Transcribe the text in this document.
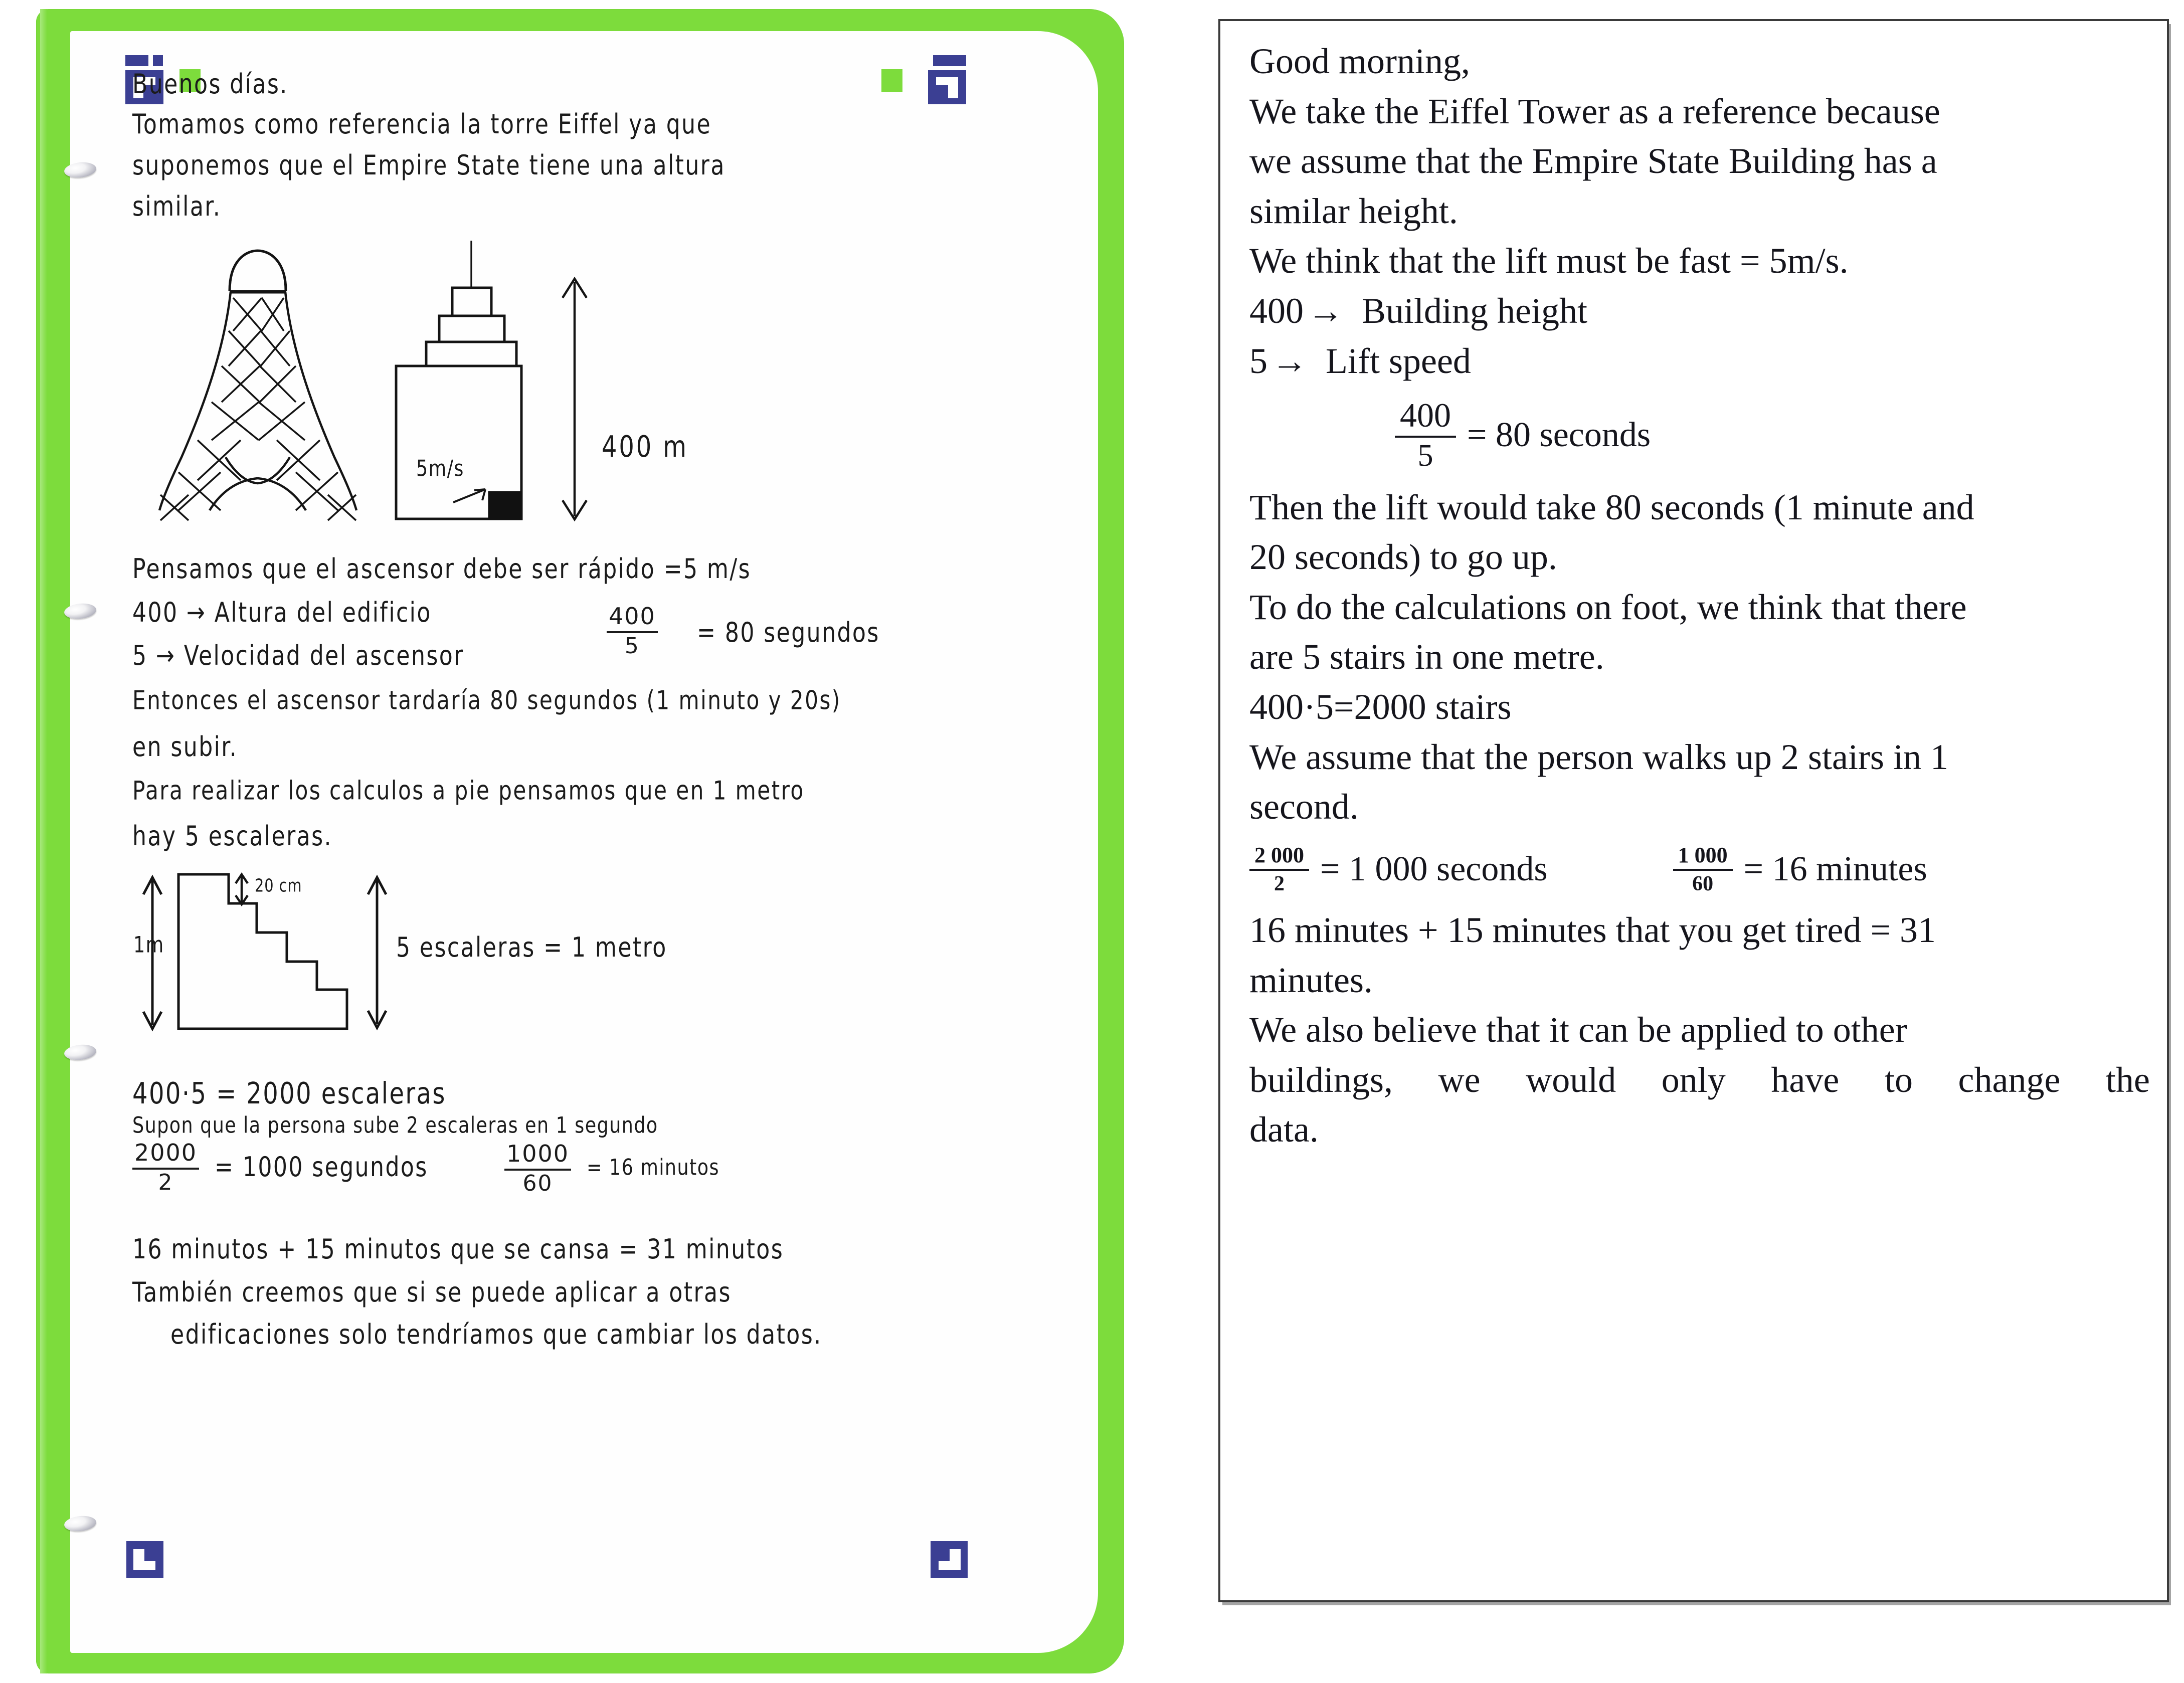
Buenos días.
Tomamos como referencia la torre Eiffel ya que
suponemos que el Empire State tiene una altura
similar.
400 m
5m/s
Pensamos que el ascensor debe ser rápido =5 m/s
400 → Altura del edificio
5 → Velocidad del ascensor	$\frac{400}{5} = 80$ segundos
Entonces el ascensor tardaría 80 segundos (1 minuto y 20s)
en subir.
Para realizar los calculos a pie pensamos que en 1 metro
hay 5 escaleras.
20 cm
1m	5 escaleras = 1 metro
400·5 = 2000 escaleras
Supon que la persona sube 2 escaleras en 1 segundo
$\frac{2000}{2} = 1000$ segundos	$\frac{1000}{60} = 16$ minutos
16 minutos + 15 minutos que se cansa = 31 minutos
También creemos que si se puede aplicar a otras
edificaciones solo tendríamos que cambiar los datos.

Good morning,

We take the Eiffel Tower as a reference because

we assume that the Empire State Building has a

similar height.

We think that the lift must be fast = 5m/s.

400 → Building height

5 → Lift speed

$\frac{400}{5} = 80$ seconds

Then the lift would take 80 seconds (1 minute and

20 seconds) to go up.

To do the calculations on foot, we think that there

are 5 stairs in one metre.

400·5=2000 stairs

We assume that the person walks up 2 stairs in 1

second.

$\frac{2 000}{2} = 1$ 000 seconds	$\frac{1 000}{60} = 16$ minutes

16 minutes + 15 minutes that you get tired = 31

minutes.

We also believe that it can be applied to other

buildings, we would only have to change the

data.
